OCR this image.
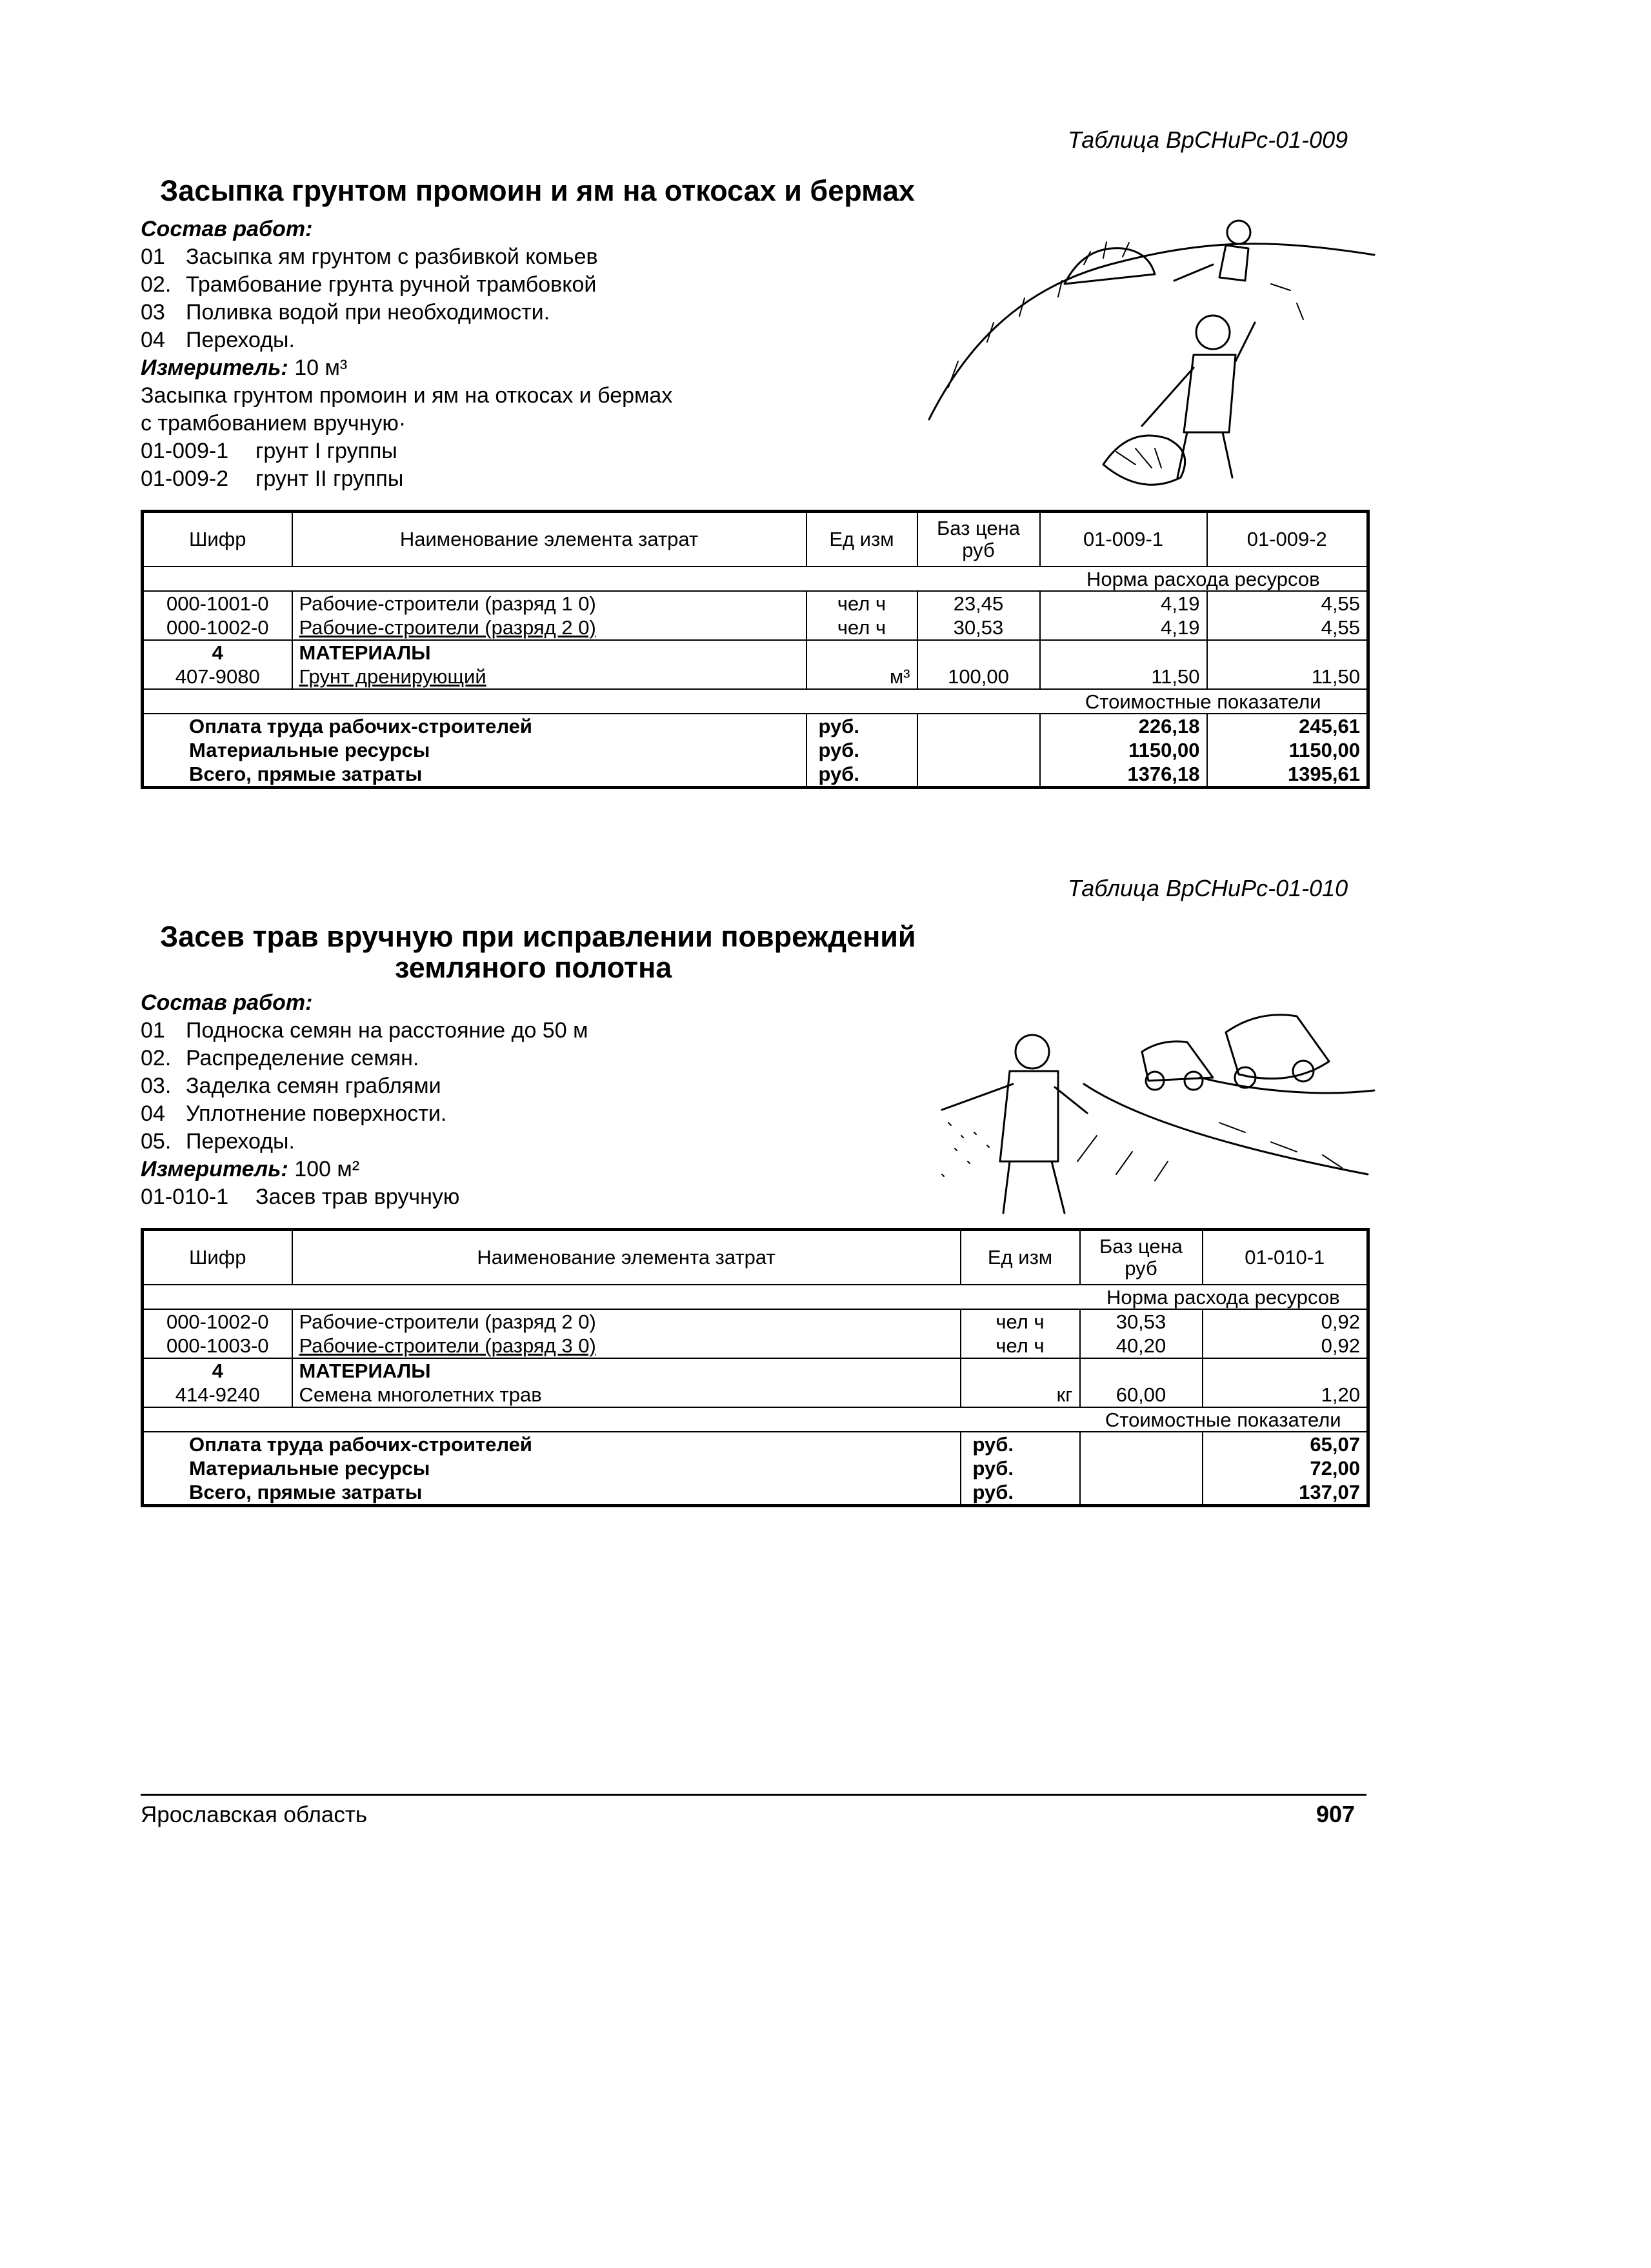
Таблица ВрСНиРс-01-009
Засыпка грунтом промоин и ям на откосах и бермах
Состав работ:
01 Засыпка ям грунтом с разбивкой комьев
02. Трамбование грунта ручной трамбовкой
03 Поливка водой при необходимости.
04 Переходы.
Измеритель: 10 м³
Засыпка грунтом промоин и ям на откосах и бермах
с трамбованием вручную·
01-009-1 грунт I группы
01-009-2 грунт II группы
Шифр	Наименование элемента затрат	Ед изм	Баз цена руб	01-009-1	01-009-2
				Норма расхода ресурсов	
000-1001-0	Рабочие-строители (разряд 1 0)	чел ч	23,45	4,19	4,55
000-1002-0	Рабочие-строители (разряд 2 0)	чел ч	30,53	4,19	4,55
4	МАТЕРИАЛЫ				
407-9080	Грунт дренирующий	м³	100,00	11,50	11,50
				Стоимостные показатели	
Оплата труда рабочих-строителей		руб.		226,18	245,61
Материальные ресурсы		руб.		1150,00	1150,00
Всего, прямые затраты		руб.		1376,18	1395,61
Таблица ВрСНиРс-01-010
Засев трав вручную при исправлении повреждений
земляного полотна
Состав работ:
01 Подноска семян на расстояние до 50 м
02. Распределение семян.
03. Заделка семян граблями
04 Уплотнение поверхности.
05. Переходы.
Измеритель: 100 м²
01-010-1 Засев трав вручную
Шифр	Наименование элемента затрат	Ед изм	Баз цена руб	01-010-1
			Норма расхода ресурсов	
000-1002-0	Рабочие-строители (разряд 2 0)	чел ч	30,53	0,92
000-1003-0	Рабочие-строители (разряд 3 0)	чел ч	40,20	0,92
4	МАТЕРИАЛЫ			
414-9240	Семена многолетних трав	кг	60,00	1,20
			Стоимостные показатели	
Оплата труда рабочих-строителей		руб.		65,07
Материальные ресурсы		руб.		72,00
Всего, прямые затраты		руб.		137,07
Ярославская область	907
